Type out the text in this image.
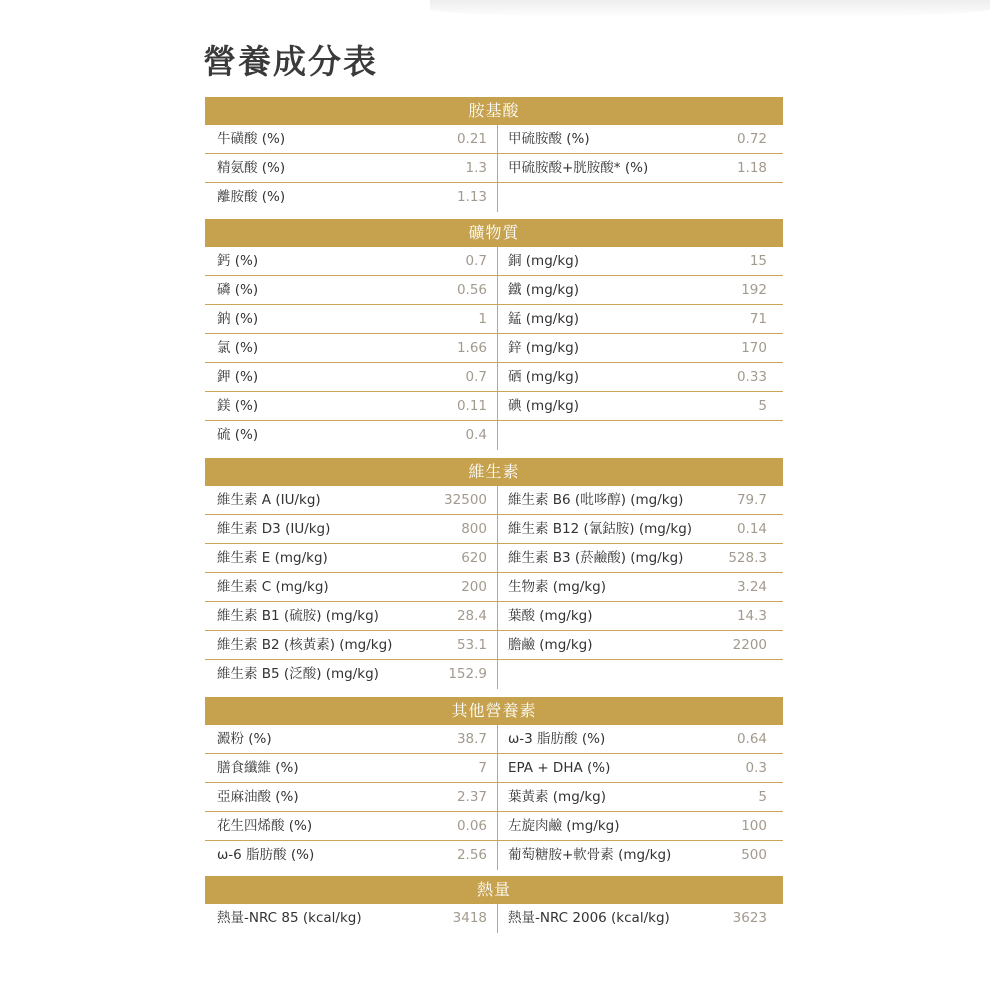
營養成分表
胺基酸
牛磺酸 (%)	0.21 甲硫胺酸 (%)	0.72
精氨酸 (%)	1.3 甲硫胺酸+胱胺酸* (%)	1.18
離胺酸 (%)	1.13
礦物質
鈣 (%)	0.7 銅 (mg/kg)	15
磷 (%)	0.56 鐵 (mg/kg)	192
鈉 (%)	1 錳 (mg/kg)	71
氯 (%)	1.66 鋅 (mg/kg)	170
鉀 (%)	0.7 硒 (mg/kg)	0.33
鎂 (%)	0.11 碘 (mg/kg)	5
硫 (%)	0.4
維生素
維生素 A (IU/kg)	32500 維生素 B6 (吡哆醇) (mg/kg)	79.7
維生素 D3 (IU/kg)	800 維生素 B12 (氰鈷胺) (mg/kg)	0.14
維生素 E (mg/kg)	620 維生素 B3 (菸鹼酸) (mg/kg)	528.3
維生素 C (mg/kg)	200 生物素 (mg/kg)	3.24
維生素 B1 (硫胺) (mg/kg)	28.4 葉酸 (mg/kg)	14.3
維生素 B2 (核黃素) (mg/kg)	53.1 膽鹼 (mg/kg)	2200
維生素 B5 (泛酸) (mg/kg)	152.9
其他營養素
澱粉 (%)	38.7 ω-3 脂肪酸 (%)	0.64
膳食纖維 (%)	7 EPA + DHA (%)	0.3
亞麻油酸 (%)	2.37 葉黃素 (mg/kg)	5
花生四烯酸 (%)	0.06 左旋肉鹼 (mg/kg)	100
ω-6 脂肪酸 (%)	2.56 葡萄糖胺+軟骨素 (mg/kg)	500
熱量
熱量-NRC 85 (kcal/kg)	3418 熱量-NRC 2006 (kcal/kg)	3623
